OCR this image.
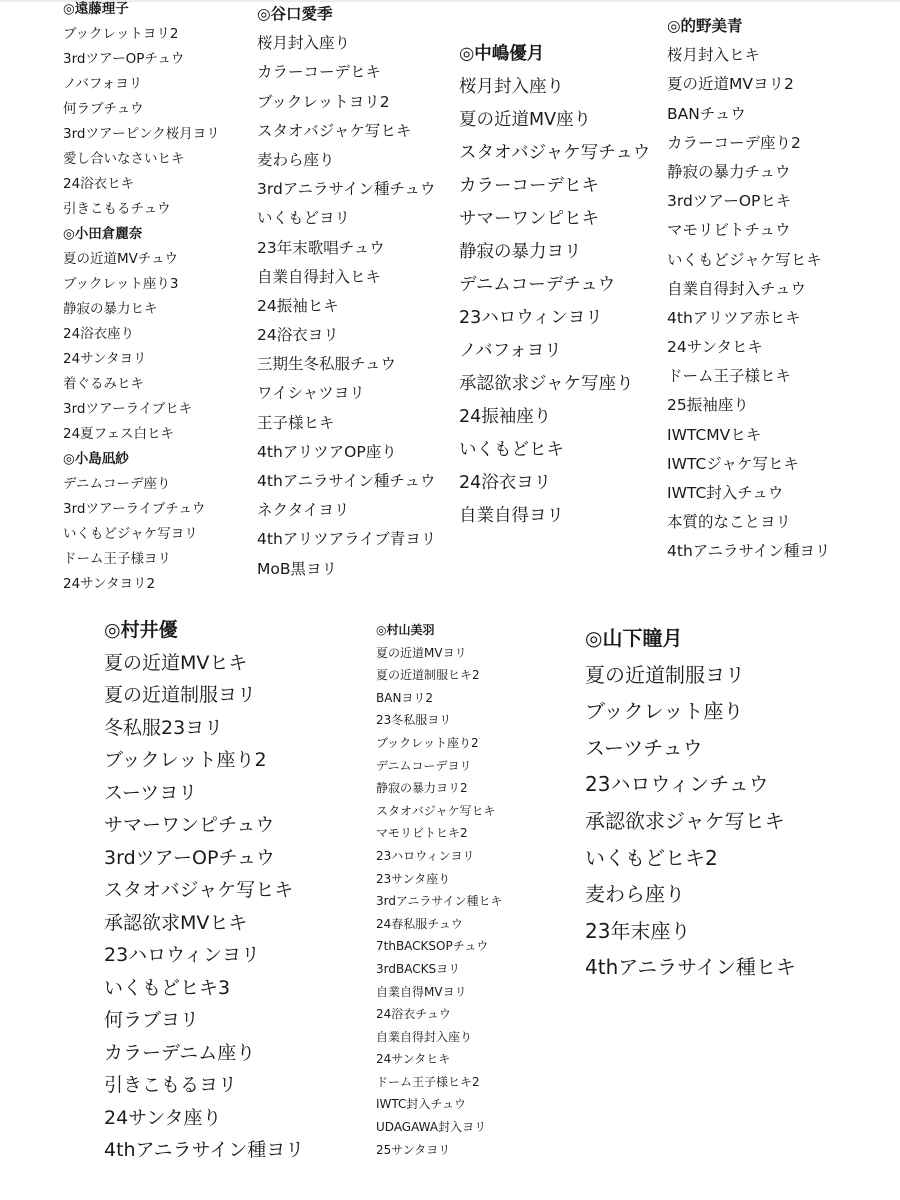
◎遠藤理子
ブックレットヨリ2
3rdツアーOPチュウ
ノバフォヨリ
何ラブチュウ
3rdツアーピンク桜月ヨリ
愛し合いなさいヒキ
24浴衣ヒキ
引きこもるチュウ
◎小田倉麗奈
夏の近道MVチュウ
ブックレット座り3
静寂の暴力ヒキ
24浴衣座り
24サンタヨリ
着ぐるみヒキ
3rdツアーライブヒキ
24夏フェス白ヒキ
◎小島凪紗
デニムコーデ座り
3rdツアーライブチュウ
いくもどジャケ写ヨリ
ドーム王子様ヨリ
24サンタヨリ2
◎谷口愛季
桜月封入座り
カラーコーデヒキ
ブックレットヨリ2
スタオバジャケ写ヒキ
麦わら座り
3rdアニラサイン種チュウ
いくもどヨリ
23年末歌唱チュウ
自業自得封入ヒキ
24振袖ヒキ
24浴衣ヨリ
三期生冬私服チュウ
ワイシャツヨリ
王子様ヒキ
4thアリツアOP座り
4thアニラサイン種チュウ
ネクタイヨリ
4thアリツアライブ青ヨリ
MoB黒ヨリ
◎中嶋優月
桜月封入座り
夏の近道MV座り
スタオバジャケ写チュウ
カラーコーデヒキ
サマーワンピヒキ
静寂の暴力ヨリ
デニムコーデチュウ
23ハロウィンヨリ
ノバフォヨリ
承認欲求ジャケ写座り
24振袖座り
いくもどヒキ
24浴衣ヨリ
自業自得ヨリ
◎的野美青
桜月封入ヒキ
夏の近道MVヨリ2
BANチュウ
カラーコーデ座り2
静寂の暴力チュウ
3rdツアーOPヒキ
マモリビトチュウ
いくもどジャケ写ヒキ
自業自得封入チュウ
4thアリツア赤ヒキ
24サンタヒキ
ドーム王子様ヒキ
25振袖座り
IWTCMVヒキ
IWTCジャケ写ヒキ
IWTC封入チュウ
本質的なことヨリ
4thアニラサイン種ヨリ
◎村井優
夏の近道MVヒキ
夏の近道制服ヨリ
冬私服23ヨリ
ブックレット座り2
スーツヨリ
サマーワンピチュウ
3rdツアーOPチュウ
スタオバジャケ写ヒキ
承認欲求MVヒキ
23ハロウィンヨリ
いくもどヒキ3
何ラブヨリ
カラーデニム座り
引きこもるヨリ
24サンタ座り
4thアニラサイン種ヨリ
◎村山美羽
夏の近道MVヨリ
夏の近道制服ヒキ2
BANヨリ2
23冬私服ヨリ
ブックレット座り2
デニムコーデヨリ
静寂の暴力ヨリ2
スタオバジャケ写ヒキ
マモリビトヒキ2
23ハロウィンヨリ
23サンタ座り
3rdアニラサイン種ヒキ
24春私服チュウ
7thBACKSOPチュウ
3rdBACKSヨリ
自業自得MVヨリ
24浴衣チュウ
自業自得封入座り
24サンタヒキ
ドーム王子様ヒキ2
IWTC封入チュウ
UDAGAWA封入ヨリ
25サンタヨリ
◎山下瞳月
夏の近道制服ヨリ
ブックレット座り
スーツチュウ
23ハロウィンチュウ
承認欲求ジャケ写ヒキ
いくもどヒキ2
麦わら座り
23年末座り
4thアニラサイン種ヒキ
